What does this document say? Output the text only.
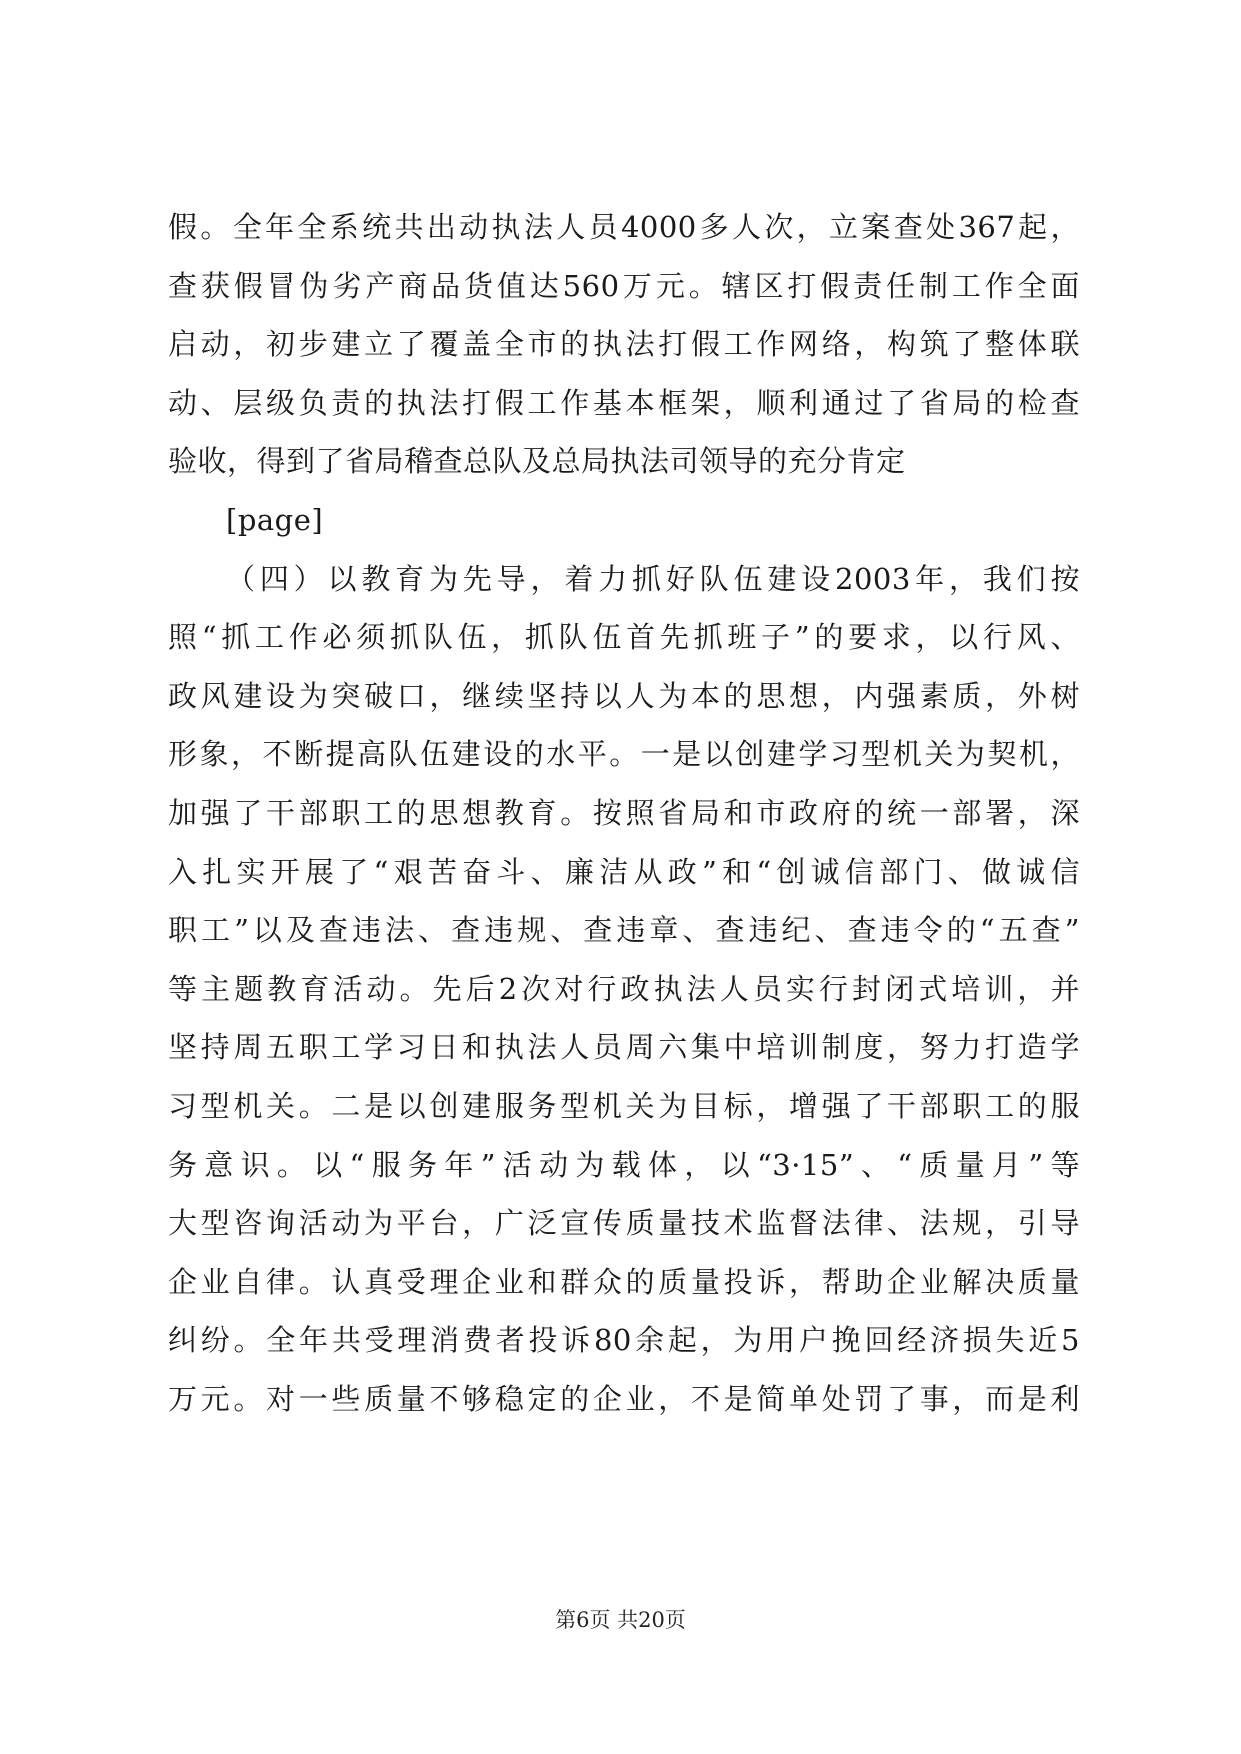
假。全年全系统共出动执法人员4000多人次，立案查处367起，
查获假冒伪劣产商品货值达560万元。辖区打假责任制工作全面
启动，初步建立了覆盖全市的执法打假工作网络，构筑了整体联
动、层级负责的执法打假工作基本框架，顺利通过了省局的检查
验收，得到了省局稽查总队及总局执法司领导的充分肯定
[page]
（四）以教育为先导，着力抓好队伍建设2003年，我们按
照“抓工作必须抓队伍，抓队伍首先抓班子”的要求，以行风、
政风建设为突破口，继续坚持以人为本的思想，内强素质，外树
形象，不断提高队伍建设的水平。一是以创建学习型机关为契机，
加强了干部职工的思想教育。按照省局和市政府的统一部署，深
入扎实开展了“艰苦奋斗、廉洁从政”和“创诚信部门、做诚信
职工”以及查违法、查违规、查违章、查违纪、查违令的“五查”
等主题教育活动。先后2次对行政执法人员实行封闭式培训，并
坚持周五职工学习日和执法人员周六集中培训制度，努力打造学
习型机关。二是以创建服务型机关为目标，增强了干部职工的服
务意识。以“服务年”活动为载体，以“3·15”、“质量月”等
大型咨询活动为平台，广泛宣传质量技术监督法律、法规，引导
企业自律。认真受理企业和群众的质量投诉，帮助企业解决质量
纠纷。全年共受理消费者投诉80余起，为用户挽回经济损失近5
万元。对一些质量不够稳定的企业，不是简单处罚了事，而是利
第6页 共20页
